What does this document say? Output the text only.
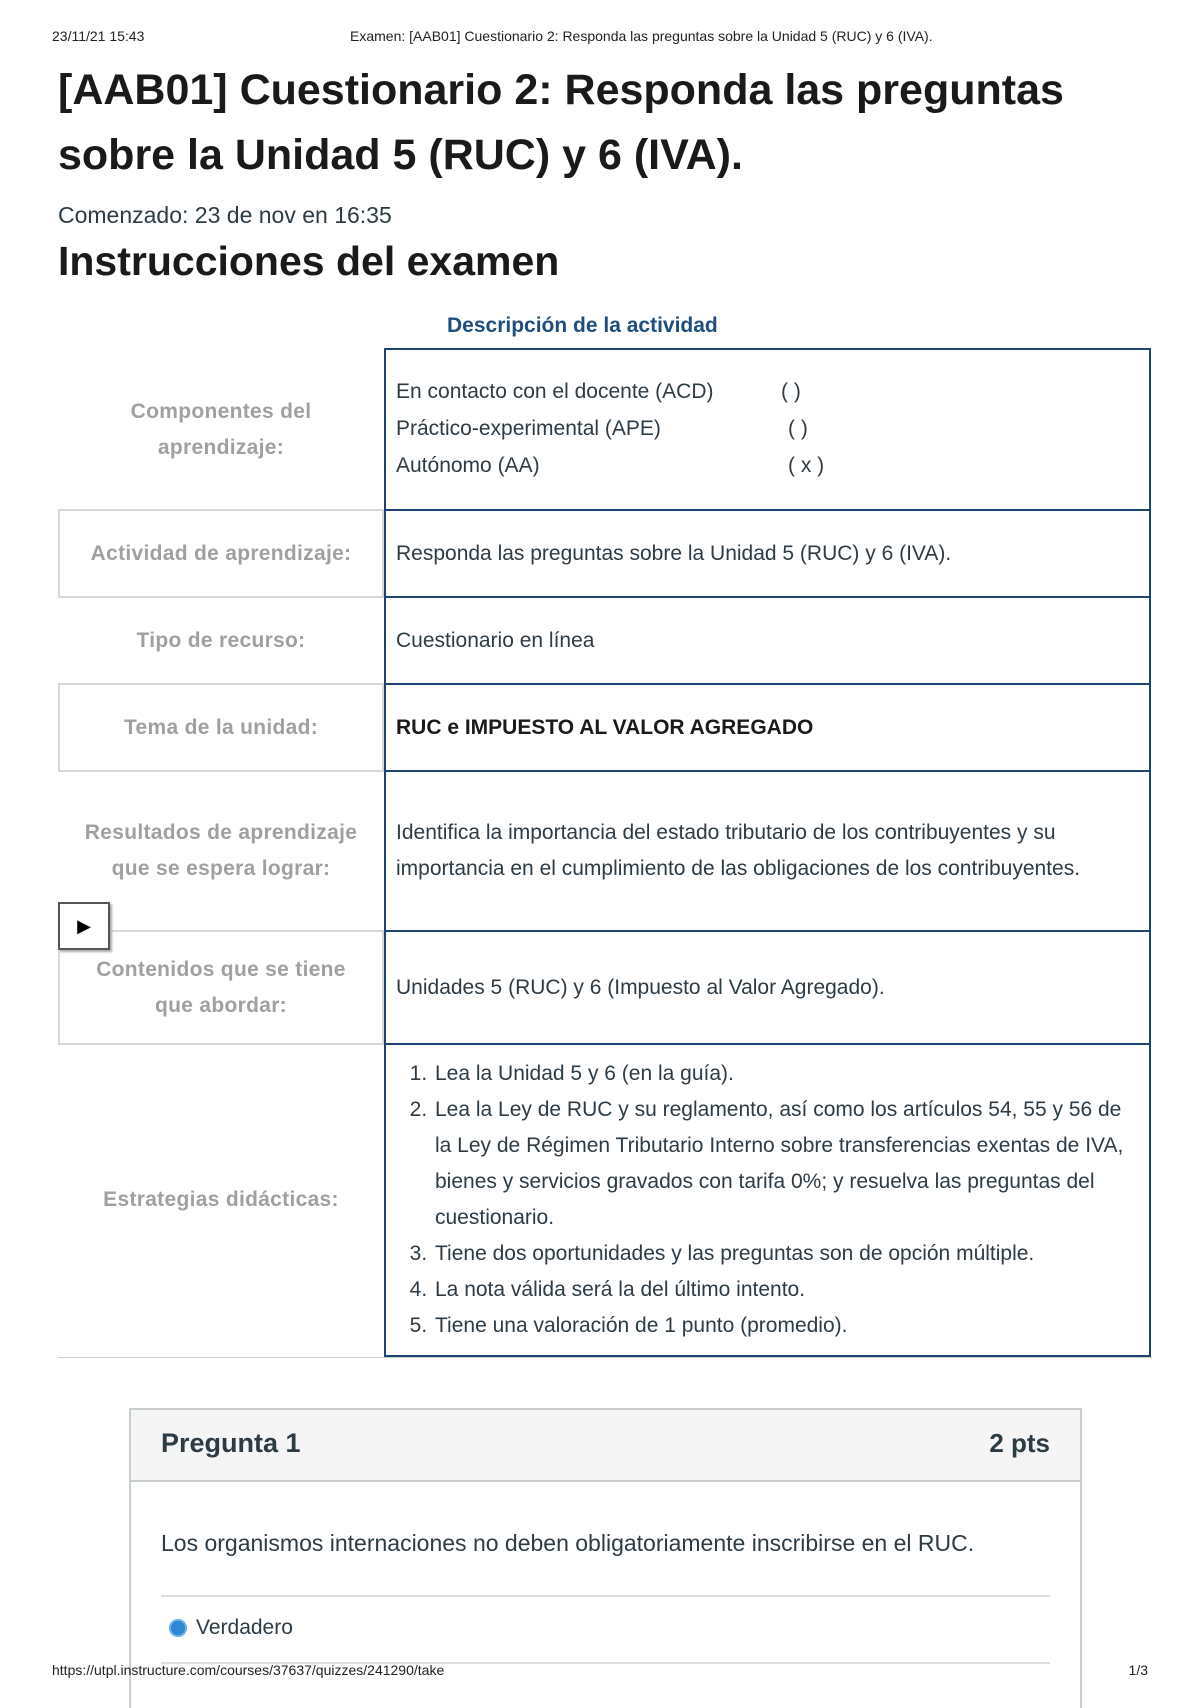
23/11/21 15:43	Examen: [AAB01] Cuestionario 2: Responda las preguntas sobre la Unidad 5 (RUC) y 6 (IVA).
[AAB01] Cuestionario 2: Responda las preguntas sobre la Unidad 5 (RUC) y 6 (IVA).
Comenzado: 23 de nov en 16:35
Instrucciones del examen
Descripción de la actividad
Componentes del aprendizaje:
En contacto con el docente (ACD)	( )
Práctico-experimental (APE)	( )
Autónomo (AA)	( x )
Actividad de aprendizaje:	Responda las preguntas sobre la Unidad 5 (RUC) y 6 (IVA).
Tipo de recurso:	Cuestionario en línea
Tema de la unidad:	RUC e IMPUESTO AL VALOR AGREGADO
Resultados de aprendizaje que se espera lograr:
Identifica la importancia del estado tributario de los contribuyentes y su importancia en el cumplimiento de las obligaciones de los contribuyentes.
Contenidos que se tiene que abordar:
Unidades 5 (RUC) y 6 (Impuesto al Valor Agregado).
Estrategias didácticas:
1. Lea la Unidad 5 y 6 (en la guía).
2. Lea la Ley de RUC y su reglamento, así como los artículos 54, 55 y 56 de la Ley de Régimen Tributario Interno sobre transferencias exentas de IVA, bienes y servicios gravados con tarifa 0%; y resuelva las preguntas del cuestionario.
3. Tiene dos oportunidades y las preguntas son de opción múltiple.
4. La nota válida será la del último intento.
5. Tiene una valoración de 1 punto (promedio).
▶
Pregunta 1	2 pts
Los organismos internaciones no deben obligatoriamente inscribirse en el RUC.
Verdadero
https://utpl.instructure.com/courses/37637/quizzes/241290/take	1/3
